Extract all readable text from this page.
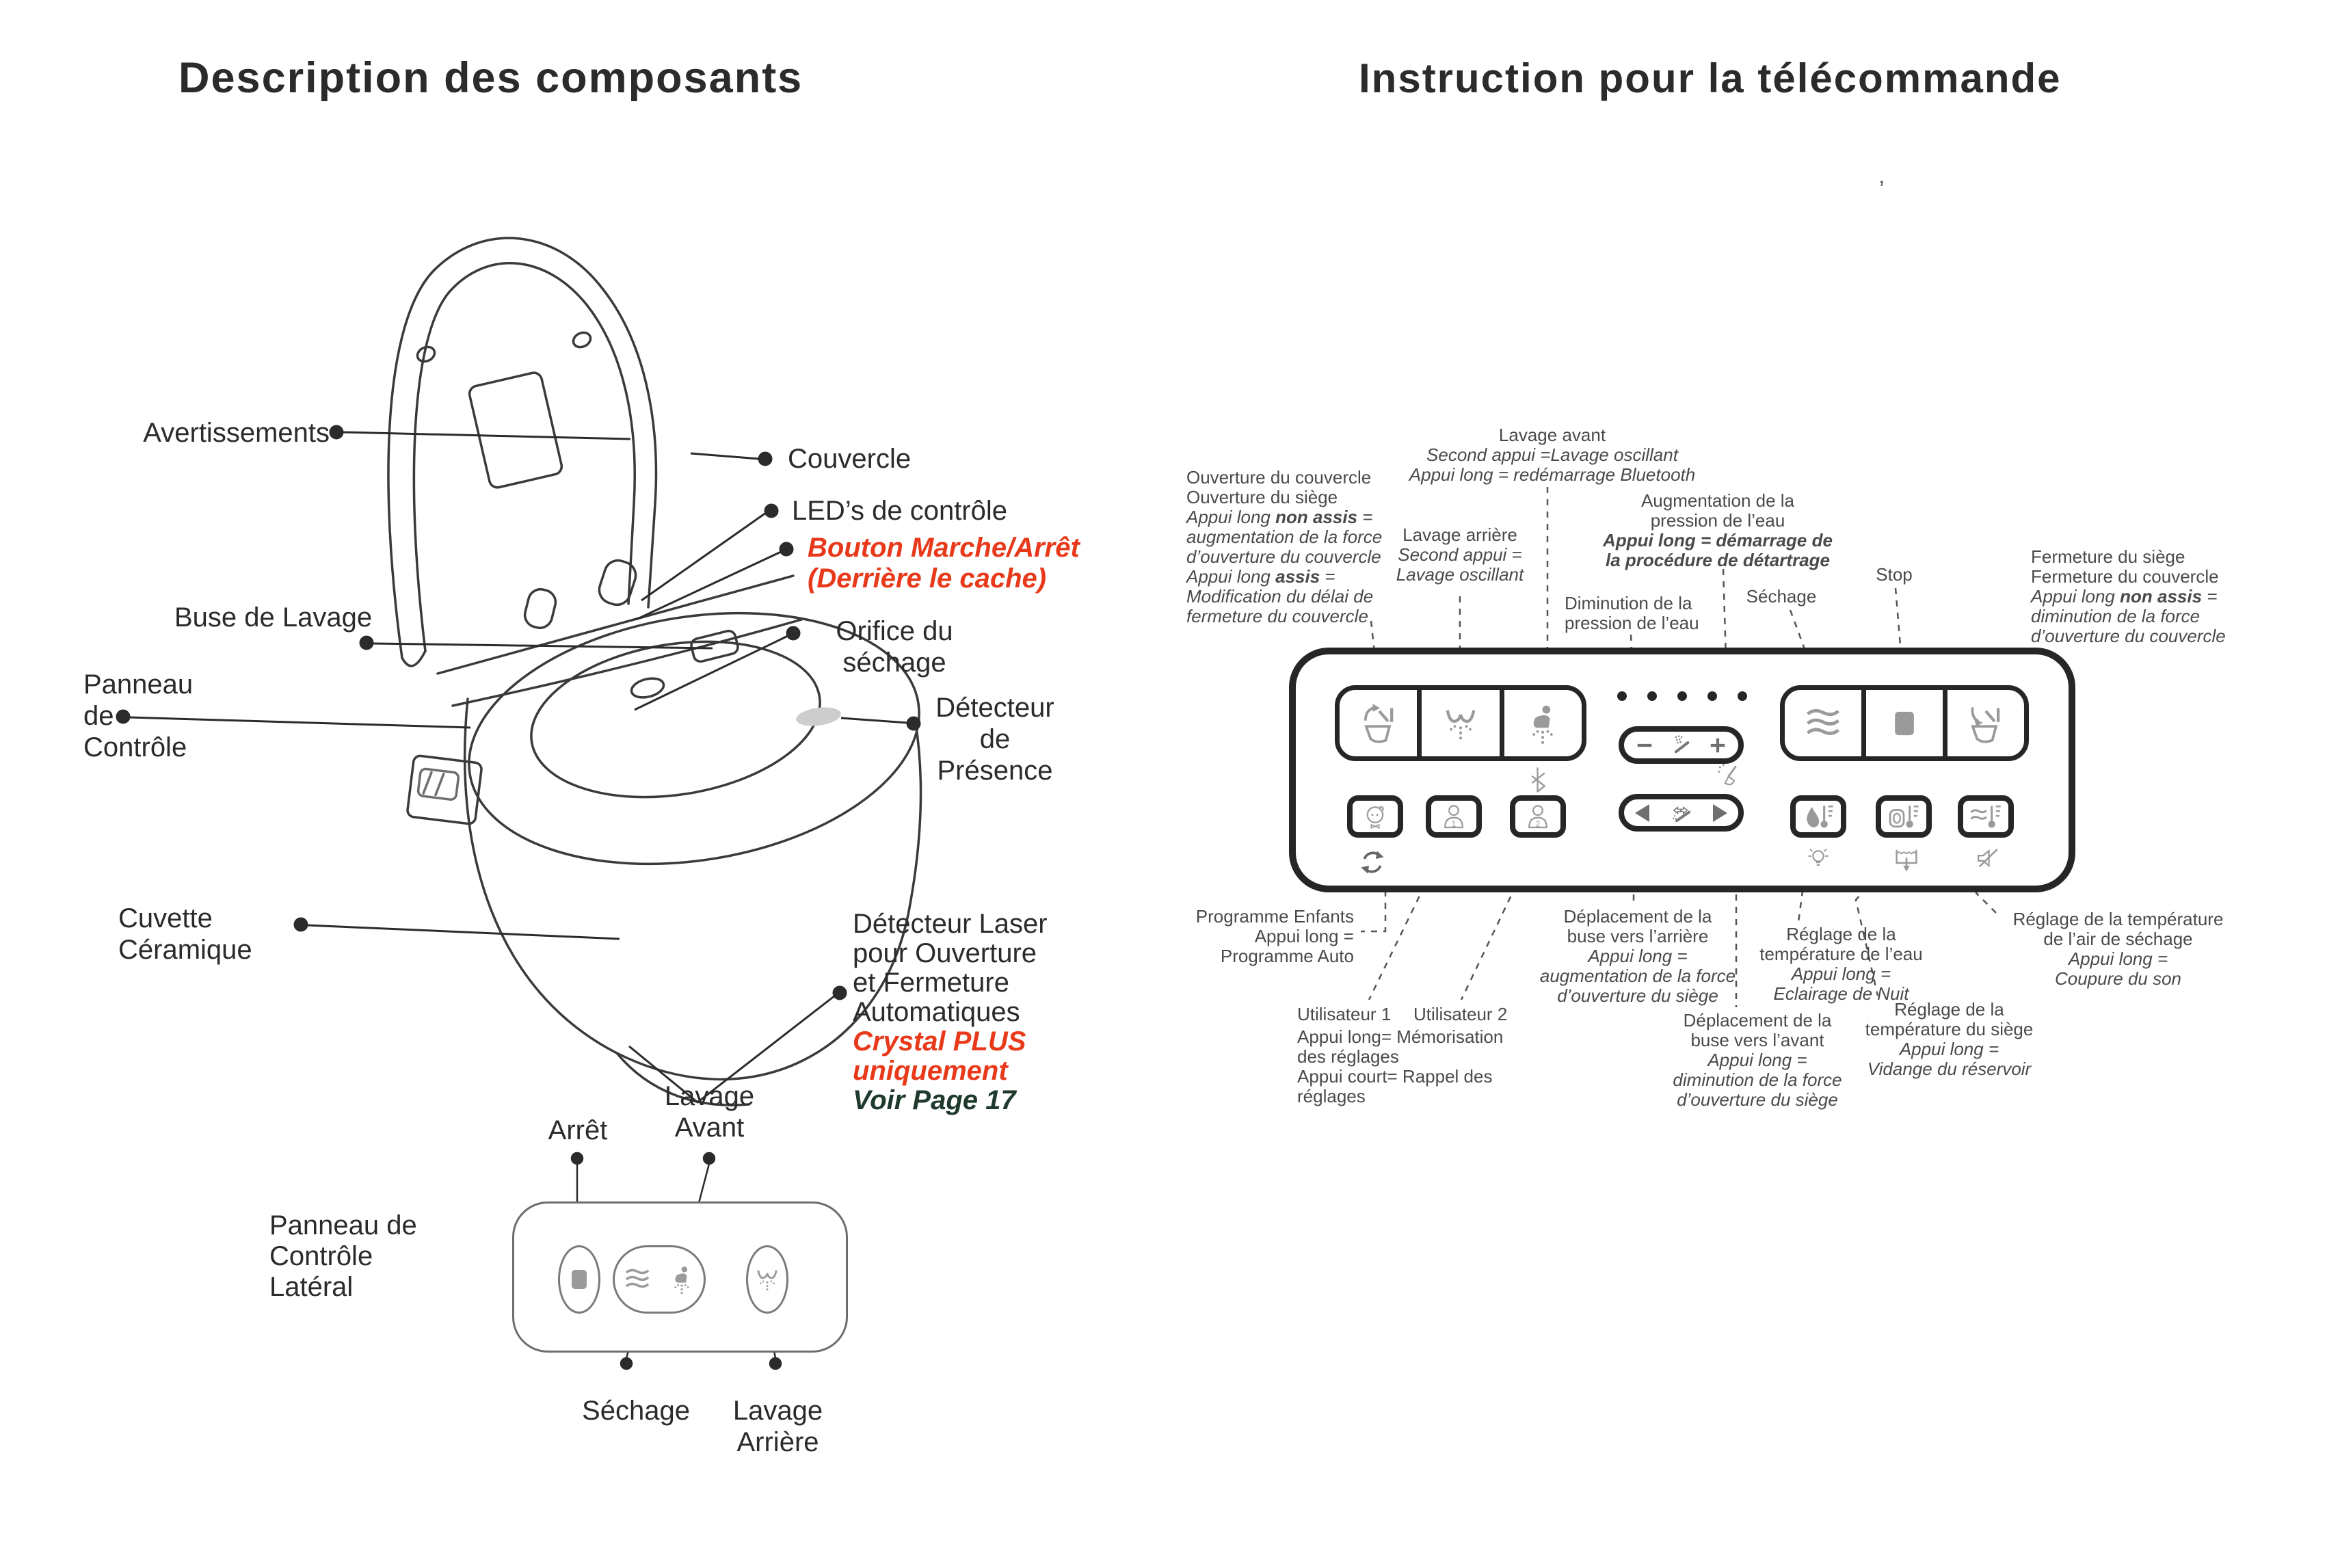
Description des composants	Instruction pour la télécommande
’
Avertissements
Couvercle
LED’s de contrôle
Bouton Marche/Arrêt
(Derrière le cache)
Buse de Lavage
Panneau
de
Contrôle
Orifice du
séchage
Détecteur
de
Présence
Cuvette
Céramique
Détecteur Laser
pour Ouverture
et Fermeture
Automatiques
Crystal PLUS
uniquement
Voir Page 17
Arrêt
Lavage
Avant
Panneau de
Contrôle
Latéral
Séchage	Lavage
Arrière
1	2
Lavage avant
Second appui =Lavage oscillant
Appui long = redémarrage Bluetooth
Ouverture du couvercle
Ouverture du siège
Appui long non assis =
augmentation de la force
d’ouverture du couvercle
Appui long assis =
Modification du délai de
fermeture du couvercle
Lavage arrière
Second appui =
Lavage oscillant
Augmentation de la
pression de l’eau
Appui long = démarrage de
la procédure de détartrage
Diminution de la
pression de l’eau
Séchage
Stop
Fermeture du siège
Fermeture du couvercle
Appui long non assis =
diminution de la force
d’ouverture du couvercle
Programme Enfants
Appui long =
Programme Auto
Utilisateur 1 Utilisateur 2
Appui long= Mémorisation
des réglages
Appui court= Rappel des
réglages
Déplacement de la
buse vers l’arrière
Appui long =
augmentation de la force
d’ouverture du siège
Déplacement de la
buse vers l’avant
Appui long =
diminution de la force
d’ouverture du siège
Réglage de la
température de l’eau
Appui long =
Eclairage de Nuit
Réglage de la
température du siège
Appui long =
Vidange du réservoir
Réglage de la température
de l’air de séchage
Appui long =
Coupure du son
